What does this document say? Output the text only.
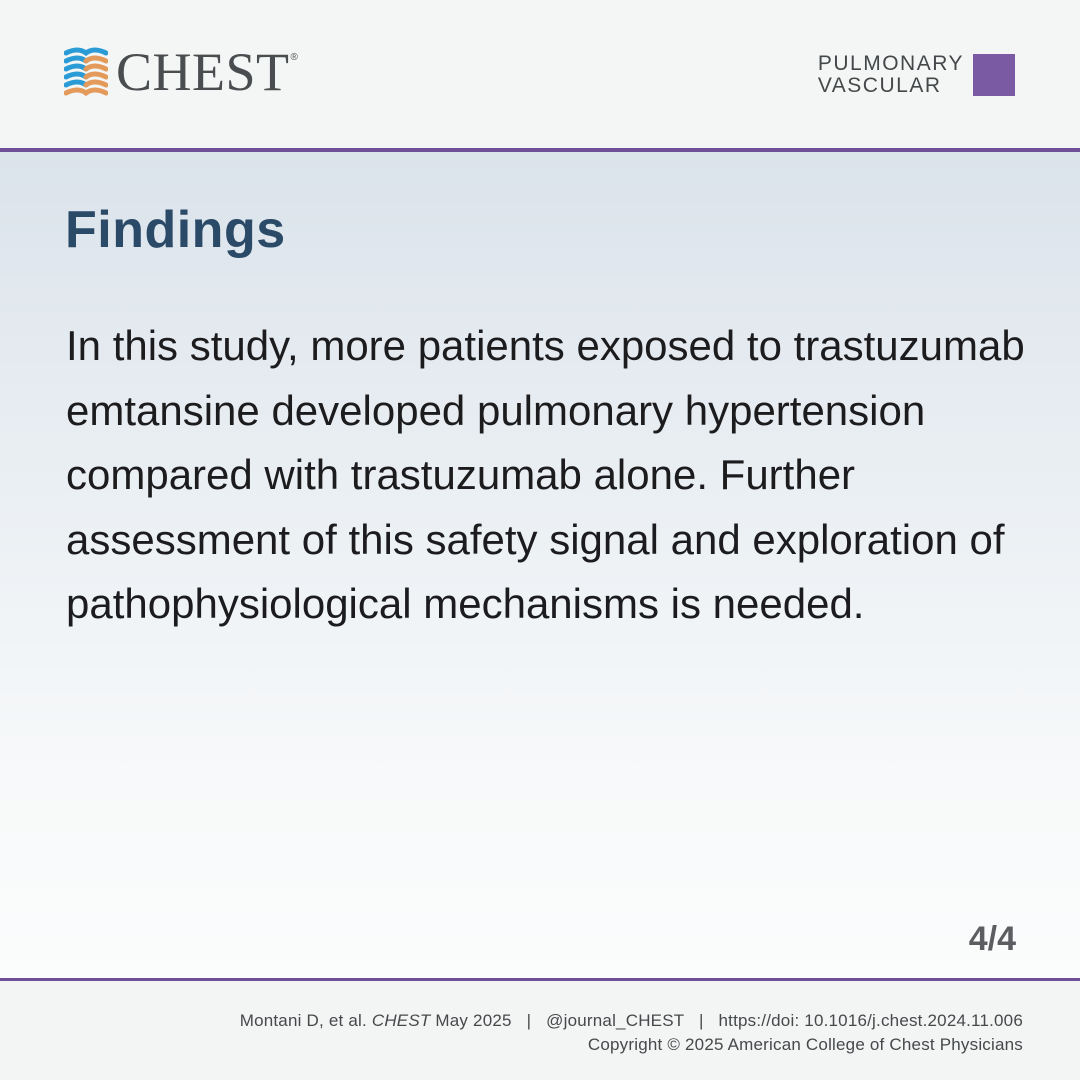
CHEST ®	PULMONARY
VASCULAR
Findings

In this study, more patients exposed to trastuzumab emtansine developed pulmonary hypertension compared with trastuzumab alone. Further assessment of this safety signal and exploration of pathophysiological mechanisms is needed.

4/4
Montani D, et al. CHEST May 2025 | @journal_CHEST | https://doi: 10.1016/j.chest.2024.11.006
Copyright © 2025 American College of Chest Physicians
